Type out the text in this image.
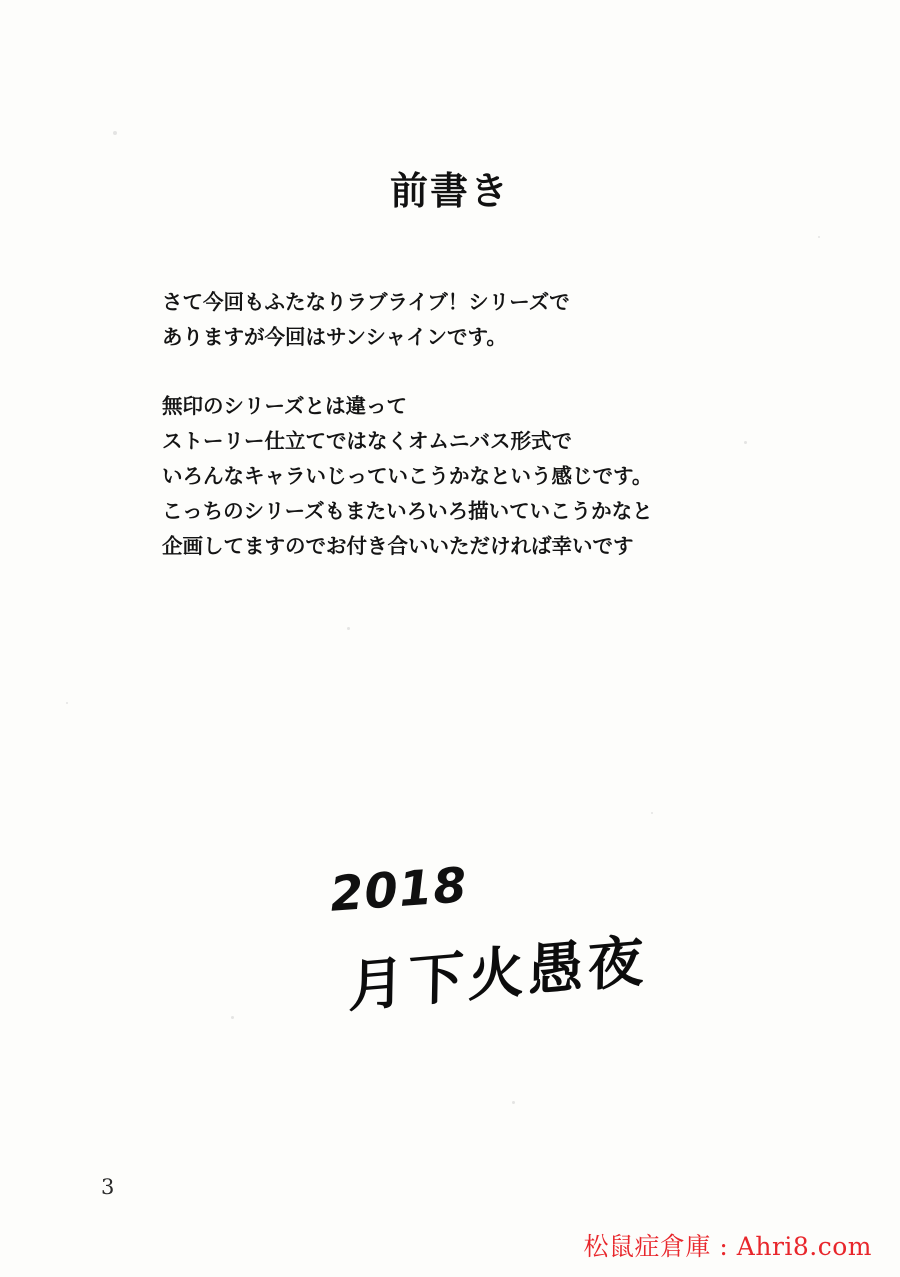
前書き

さて今回もふたなりラブライブ！シリーズで
ありますが今回はサンシャインです。

無印のシリーズとは違って
ストーリー仕立てではなくオムニバス形式で
いろんなキャラいじっていこうかなという感じです。
こっちのシリーズもまたいろいろ描いていこうかなと
企画してますのでお付き合いいただければ幸いです

2018
月下火愚夜
3
松鼠症倉庫 : Ahri8.com
